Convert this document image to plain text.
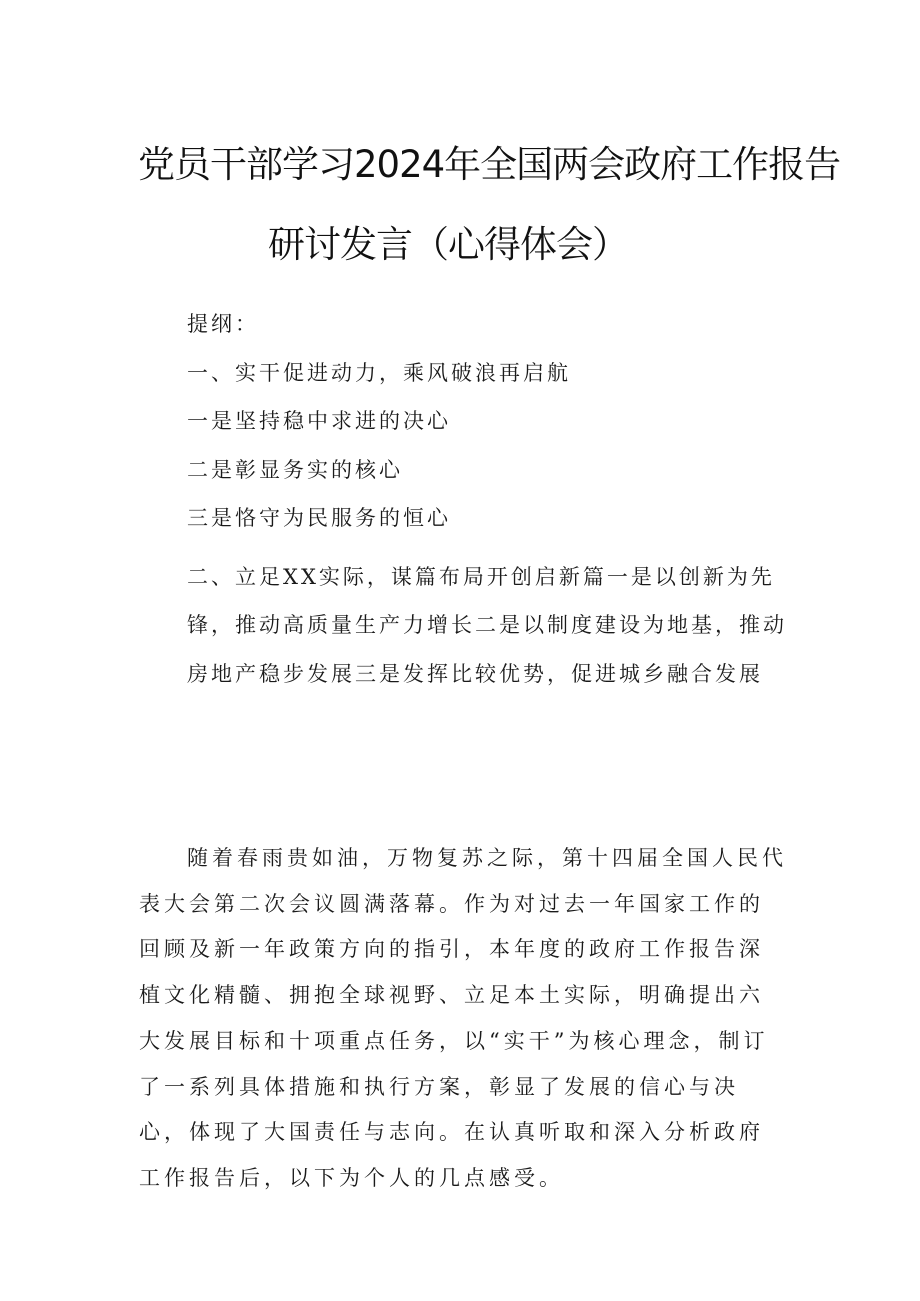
党员干部学习2024年全国两会政府工作报告
研讨发言（心得体会）
提纲：
一、实干促进动力，乘风破浪再启航
一是坚持稳中求进的决心
二是彰显务实的核心
三是恪守为民服务的恒心
二、立足XX实际，谋篇布局开创启新篇一是以创新为先锋，推动高质量生产力增长二是以制度建设为地基，推动房地产稳步发展三是发挥比较优势，促进城乡融合发展
随着春雨贵如油，万物复苏之际，第十四届全国人民代表大会第二次会议圆满落幕。作为对过去一年国家工作的回顾及新一年政策方向的指引，本年度的政府工作报告深植文化精髓、拥抱全球视野、立足本土实际，明确提出六大发展目标和十项重点任务，以“实干”为核心理念，制订了一系列具体措施和执行方案，彰显了发展的信心与决心，体现了大国责任与志向。在认真听取和深入分析政府工作报告后，以下为个人的几点感受。
